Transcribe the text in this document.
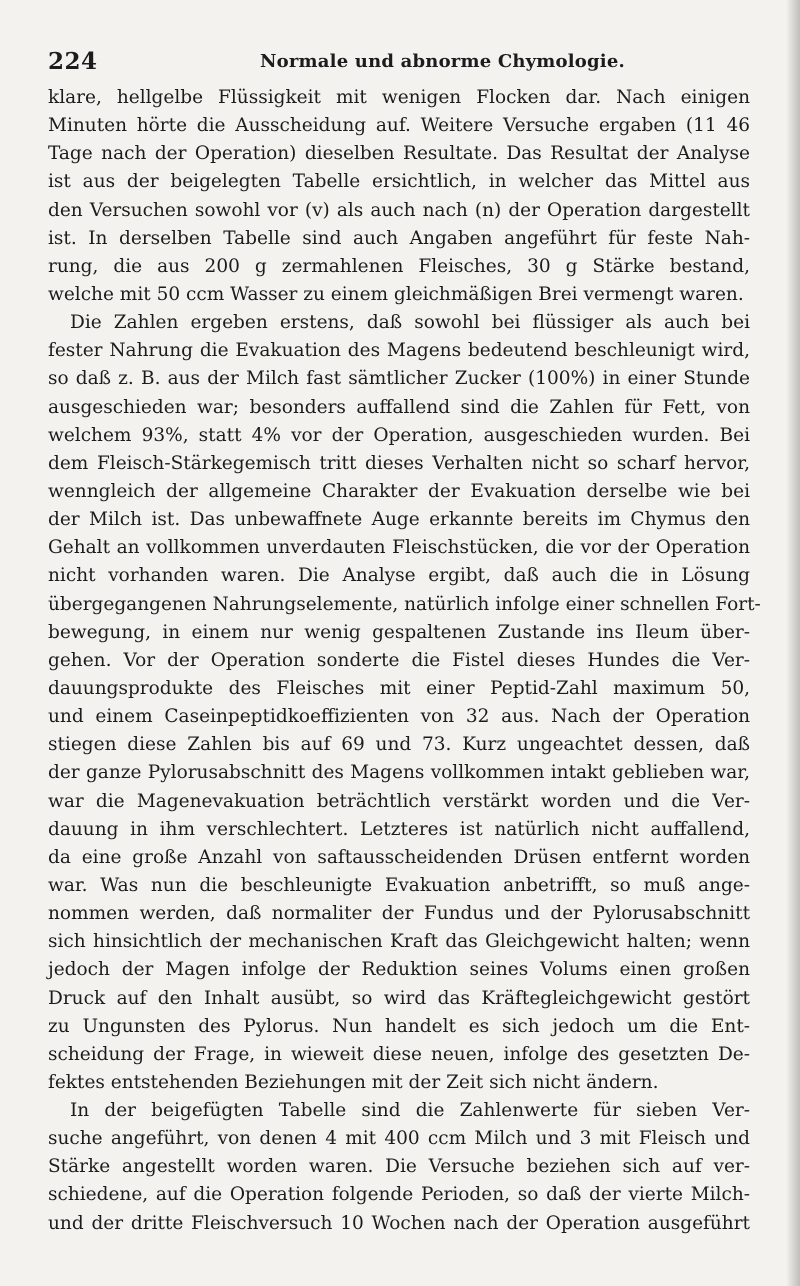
224	Normale und abnorme Chymologie.
klare, hellgelbe Flüssigkeit mit wenigen Flocken dar. Nach einigen
Minuten hörte die Ausscheidung auf. Weitere Versuche ergaben (11 46
Tage nach der Operation) dieselben Resultate. Das Resultat der Analyse
ist aus der beigelegten Tabelle ersichtlich, in welcher das Mittel aus
den Versuchen sowohl vor (v) als auch nach (n) der Operation dargestellt
ist. In derselben Tabelle sind auch Angaben angeführt für feste Nah-
rung, die aus 200 g zermahlenen Fleisches, 30 g Stärke bestand,
welche mit 50 ccm Wasser zu einem gleichmäßigen Brei vermengt waren.
Die Zahlen ergeben erstens, daß sowohl bei flüssiger als auch bei
fester Nahrung die Evakuation des Magens bedeutend beschleunigt wird,
so daß z. B. aus der Milch fast sämtlicher Zucker (100%) in einer Stunde
ausgeschieden war; besonders auffallend sind die Zahlen für Fett, von
welchem 93%, statt 4% vor der Operation, ausgeschieden wurden. Bei
dem Fleisch-Stärkegemisch tritt dieses Verhalten nicht so scharf hervor,
wenngleich der allgemeine Charakter der Evakuation derselbe wie bei
der Milch ist. Das unbewaffnete Auge erkannte bereits im Chymus den
Gehalt an vollkommen unverdauten Fleischstücken, die vor der Operation
nicht vorhanden waren. Die Analyse ergibt, daß auch die in Lösung
übergegangenen Nahrungselemente, natürlich infolge einer schnellen Fort-
bewegung, in einem nur wenig gespaltenen Zustande ins Ileum über-
gehen. Vor der Operation sonderte die Fistel dieses Hundes die Ver-
dauungsprodukte des Fleisches mit einer Peptid-Zahl maximum 50,
und einem Caseinpeptidkoeffizienten von 32 aus. Nach der Operation
stiegen diese Zahlen bis auf 69 und 73. Kurz ungeachtet dessen, daß
der ganze Pylorusabschnitt des Magens vollkommen intakt geblieben war,
war die Magenevakuation beträchtlich verstärkt worden und die Ver-
dauung in ihm verschlechtert. Letzteres ist natürlich nicht auffallend,
da eine große Anzahl von saftausscheidenden Drüsen entfernt worden
war. Was nun die beschleunigte Evakuation anbetrifft, so muß ange-
nommen werden, daß normaliter der Fundus und der Pylorusabschnitt
sich hinsichtlich der mechanischen Kraft das Gleichgewicht halten; wenn
jedoch der Magen infolge der Reduktion seines Volums einen großen
Druck auf den Inhalt ausübt, so wird das Kräftegleichgewicht gestört
zu Ungunsten des Pylorus. Nun handelt es sich jedoch um die Ent-
scheidung der Frage, in wieweit diese neuen, infolge des gesetzten De-
fektes entstehenden Beziehungen mit der Zeit sich nicht ändern.
In der beigefügten Tabelle sind die Zahlenwerte für sieben Ver-
suche angeführt, von denen 4 mit 400 ccm Milch und 3 mit Fleisch und
Stärke angestellt worden waren. Die Versuche beziehen sich auf ver-
schiedene, auf die Operation folgende Perioden, so daß der vierte Milch-
und der dritte Fleischversuch 10 Wochen nach der Operation ausgeführt
